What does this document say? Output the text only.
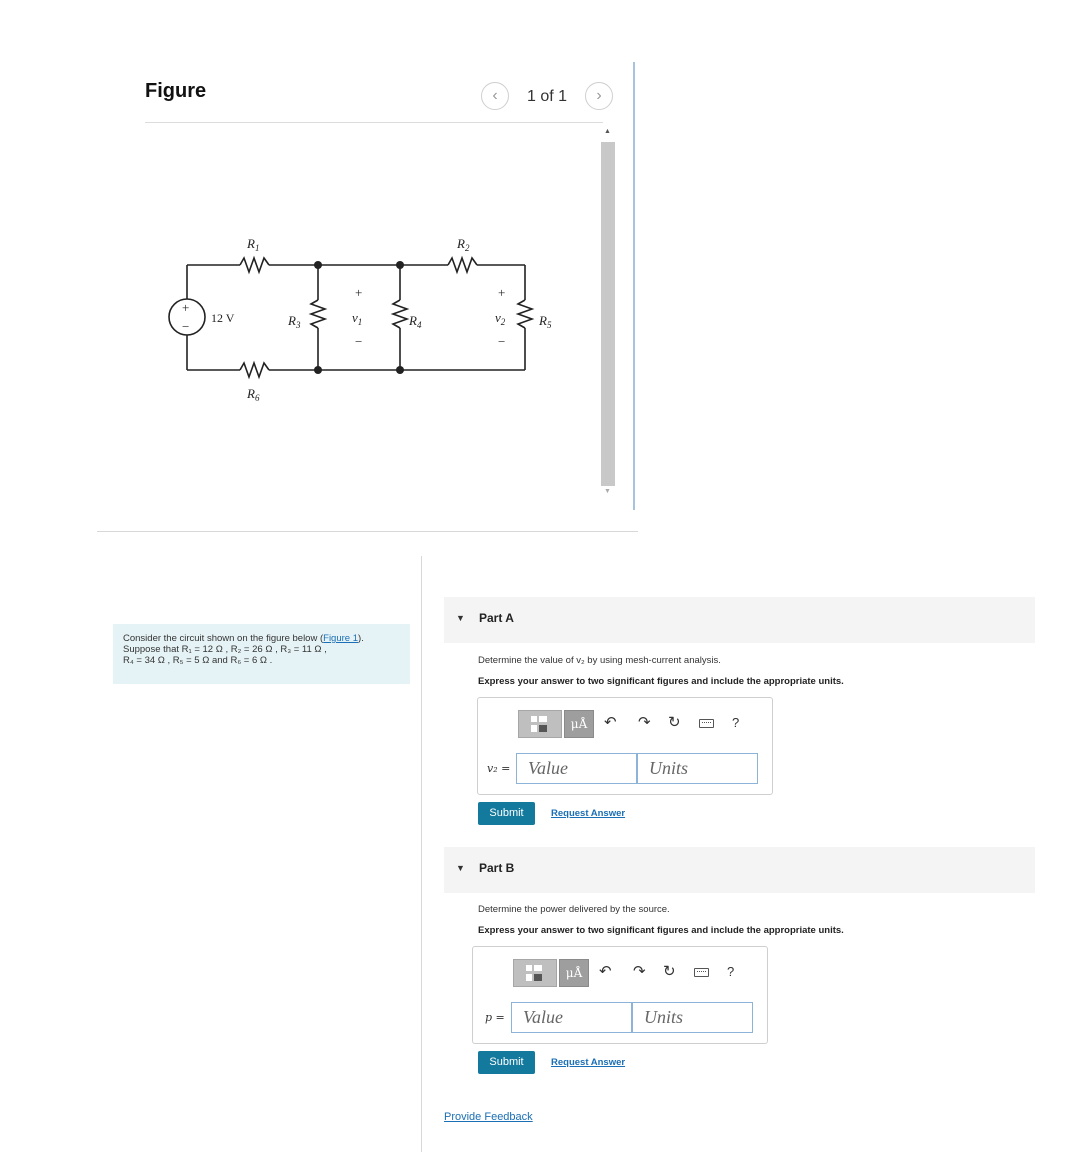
Figure	‹	1 of 1	›
▲
▼
+
−
12 V
$R_1$	$R_2$
$R_3$	$R_4$	$R_5$
$R_6$
+
$v_1$
−
+
$v_2$
−
Consider the circuit shown on the figure below (Figure 1).
Suppose that R₁ = 12 Ω , R₂ = 26 Ω , R₃ = 11 Ω ,
R₄ = 34 Ω , R₅ = 5 Ω and R₆ = 6 Ω .
▼ Part A
Determine the value of v₂ by using mesh-current analysis.
Express your answer to two significant figures and include the appropriate units.
μÅ	↶ ↷ ↻	?
v₂ = Value	Units
Submit	Request Answer
▼ Part B
Determine the power delivered by the source.
Express your answer to two significant figures and include the appropriate units.
μÅ	↶ ↷ ↻	?
p =	Value	Units
Submit	Request Answer
Provide Feedback
